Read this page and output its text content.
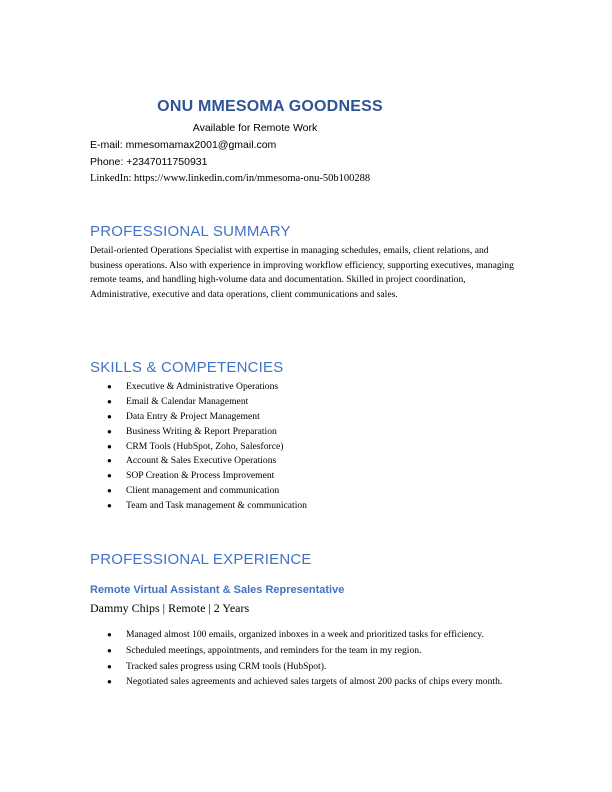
ONU MMESOMA GOODNESS
Available for Remote Work
E-mail: mmesomamax2001@gmail.com
Phone: +2347011750931
LinkedIn: https://www.linkedin.com/in/mmesoma-onu-50b100288
PROFESSIONAL SUMMARY
Detail-oriented Operations Specialist with expertise in managing schedules, emails, client relations, and business operations. Also with experience in improving workflow efficiency, supporting executives, managing remote teams, and handling high-volume data and documentation. Skilled in project coordination, Administrative, executive and data operations, client communications and sales.
SKILLS & COMPETENCIES
● Executive & Administrative Operations
● Email & Calendar Management
● Data Entry & Project Management
● Business Writing & Report Preparation
● CRM Tools (HubSpot, Zoho, Salesforce)
● Account & Sales Executive Operations
● SOP Creation & Process Improvement
● Client management and communication
● Team and Task management & communication
PROFESSIONAL EXPERIENCE
Remote Virtual Assistant & Sales Representative
Dammy Chips | Remote | 2 Years
● Managed almost 100 emails, organized inboxes in a week and prioritized tasks for efficiency.
● Scheduled meetings, appointments, and reminders for the team in my region.
● Tracked sales progress using CRM tools (HubSpot).
● Negotiated sales agreements and achieved sales targets of almost 200 packs of chips every month.
